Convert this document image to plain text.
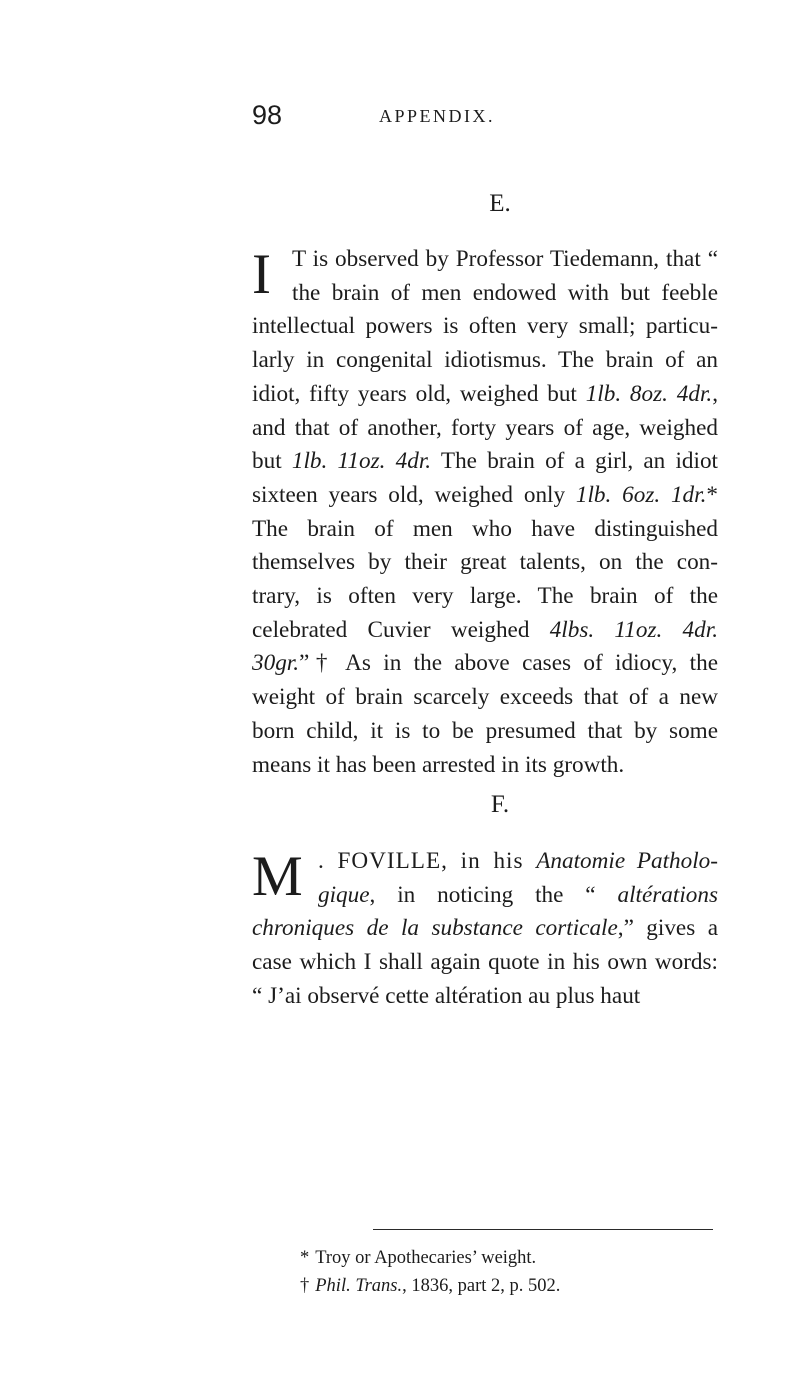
98	APPENDIX.
E.

I T is observed by Professor Tiedemann, that “ the brain of men endowed with but feeble intellectual powers is often very small; particu- larly in congenital idiotismus. The brain of an idiot, fifty years old, weighed but 1lb. 8oz. 4dr., and that of another, forty years of age, weighed but 1lb. 11oz. 4dr. The brain of a girl, an idiot sixteen years old, weighed only 1lb. 6oz. 1dr.* The brain of men who have distinguished themselves by their great talents, on the con- trary, is often very large. The brain of the celebrated Cuvier weighed 4lbs. 11oz. 4dr. 30gr.”† As in the above cases of idiocy, the weight of brain scarcely exceeds that of a new born child, it is to be presumed that by some means it has been arrested in its growth.

F.

M . FOVILLE, in his Anatomie Patholo- gique, in noticing the “ altérations chroniques de la substance corticale,” gives a case which I shall again quote in his own words: “ J’ai observé cette altération au plus haut

* Troy or Apothecaries’ weight.
† Phil. Trans., 1836, part 2, p. 502.
